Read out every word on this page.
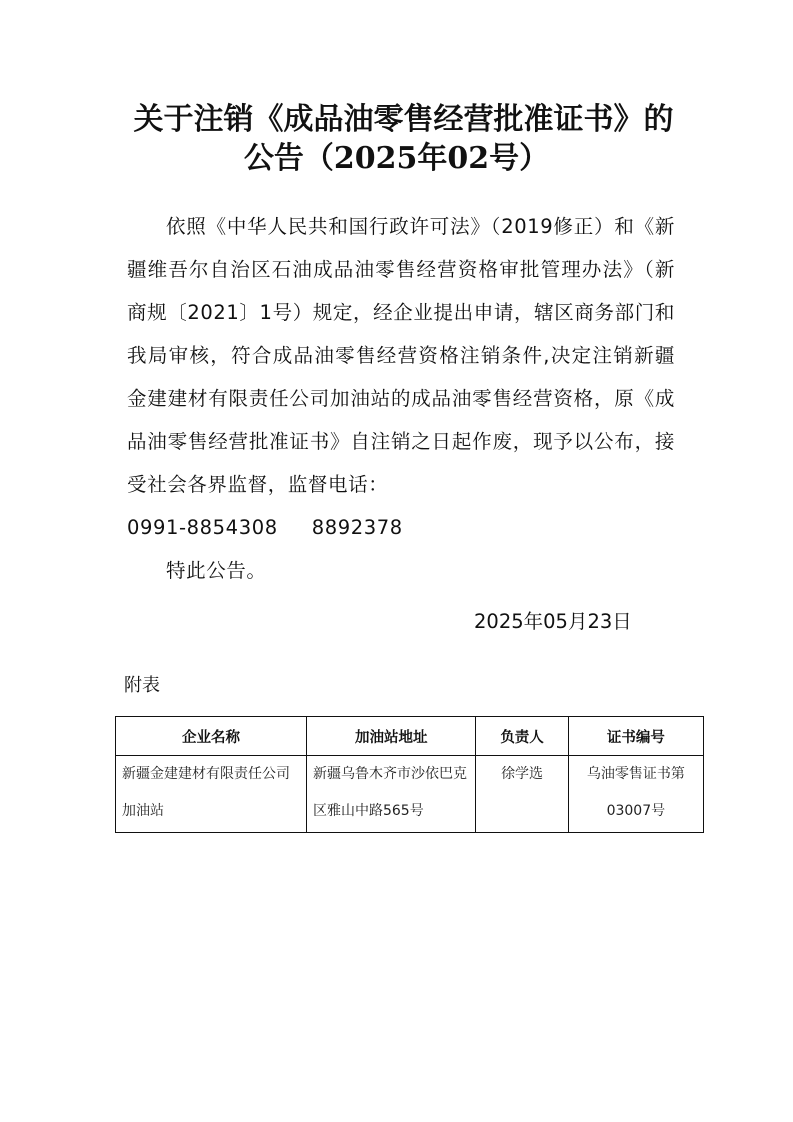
关于注销《成品油零售经营批准证书》的
公告（2025年02号）

依照《中华人民共和国行政许可法》（2019修正）和《新疆维吾尔自治区石油成品油零售经营资格审批管理办法》（新商规〔2021〕1号）规定，经企业提出申请，辖区商务部门和我局审核，符合成品油零售经营资格注销条件,决定注销新疆金建建材有限责任公司加油站的成品油零售经营资格，原《成品油零售经营批准证书》自注销之日起作废，现予以公布，接受社会各界监督，监督电话：

0991-8854308 8892378

特此公告。

2025年05月23日
附表
企业名称	加油站地址	负责人	证书编号
新疆金建建材有限责任公司加油站	新疆乌鲁木齐市沙依巴克区雅山中路565号	徐学选	乌油零售证书第03007号
